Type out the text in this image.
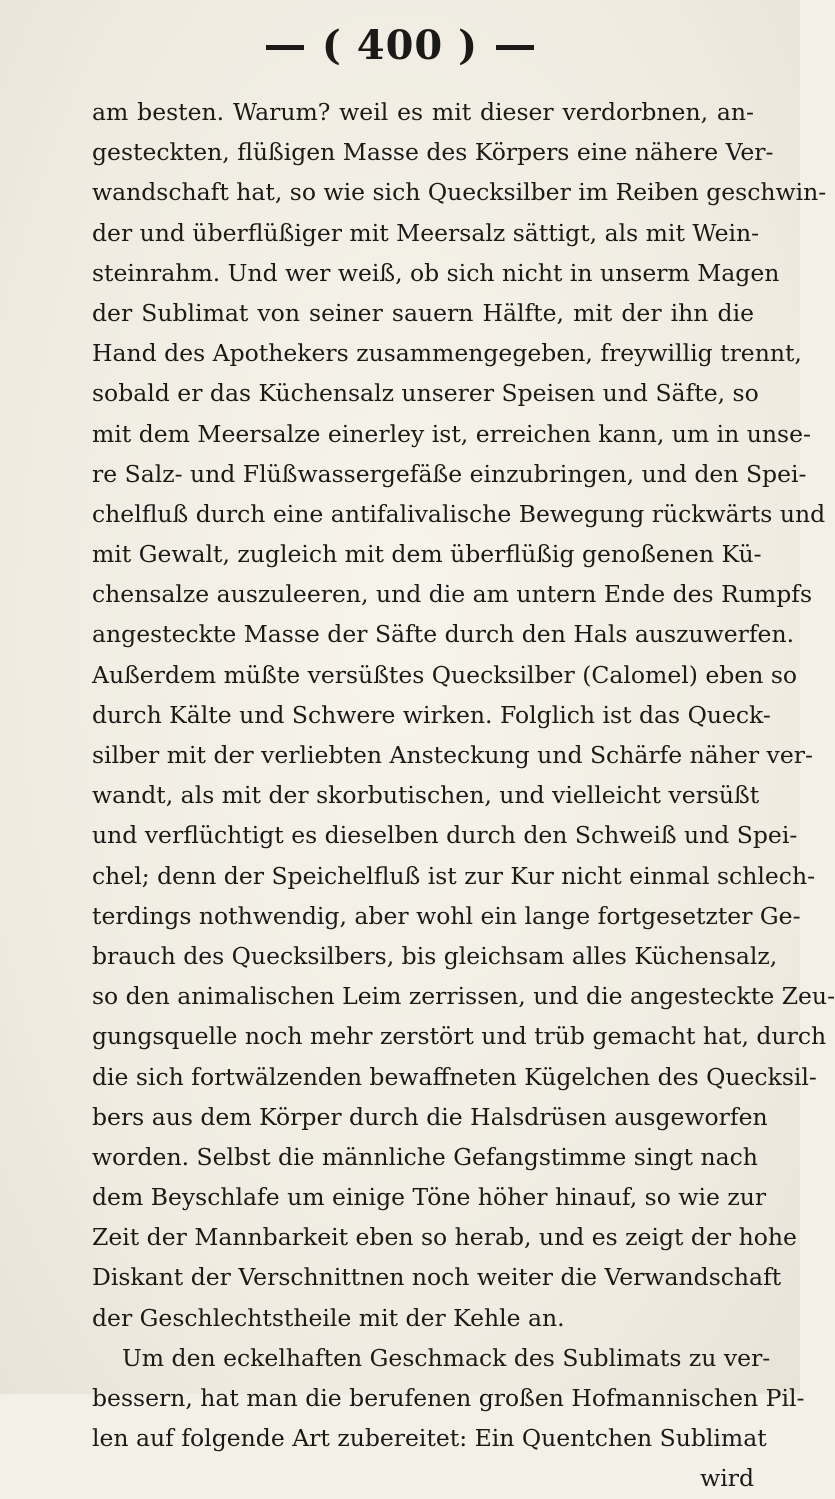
( 400 )
am besten. Warum? weil es mit dieser verdorbnen, an-
gesteckten, flüßigen Masse des Körpers eine nähere Ver-
wandschaft hat, so wie sich Quecksilber im Reiben geschwin-
der und überflüßiger mit Meersalz sättigt, als mit Wein-
steinrahm. Und wer weiß, ob sich nicht in unserm Magen
der Sublimat von seiner sauern Hälfte, mit der ihn die
Hand des Apothekers zusammengegeben, freywillig trennt,
sobald er das Küchensalz unserer Speisen und Säfte, so
mit dem Meersalze einerley ist, erreichen kann, um in unse-
re Salz- und Flüßwassergefäße einzubringen, und den Spei-
chelfluß durch eine antifalivalische Bewegung rückwärts und
mit Gewalt, zugleich mit dem überflüßig genoßenen Kü-
chensalze auszuleeren, und die am untern Ende des Rumpfs
angesteckte Masse der Säfte durch den Hals auszuwerfen.
Außerdem müßte versüßtes Quecksilber (Calomel) eben so
durch Kälte und Schwere wirken. Folglich ist das Queck-
silber mit der verliebten Ansteckung und Schärfe näher ver-
wandt, als mit der skorbutischen, und vielleicht versüßt
und verflüchtigt es dieselben durch den Schweiß und Spei-
chel; denn der Speichelfluß ist zur Kur nicht einmal schlech-
terdings nothwendig, aber wohl ein lange fortgesetzter Ge-
brauch des Quecksilbers, bis gleichsam alles Küchensalz,
so den animalischen Leim zerrissen, und die angesteckte Zeu-
gungsquelle noch mehr zerstört und trüb gemacht hat, durch
die sich fortwälzenden bewaffneten Kügelchen des Quecksil-
bers aus dem Körper durch die Halsdrüsen ausgeworfen
worden. Selbst die männliche Gefangstimme singt nach
dem Beyschlafe um einige Töne höher hinauf, so wie zur
Zeit der Mannbarkeit eben so herab, und es zeigt der hohe
Diskant der Verschnittnen noch weiter die Verwandschaft
der Geschlechtstheile mit der Kehle an.
Um den eckelhaften Geschmack des Sublimats zu ver-
bessern, hat man die berufenen großen Hofmannischen Pil-
len auf folgende Art zubereitet: Ein Quentchen Sublimat
wird
